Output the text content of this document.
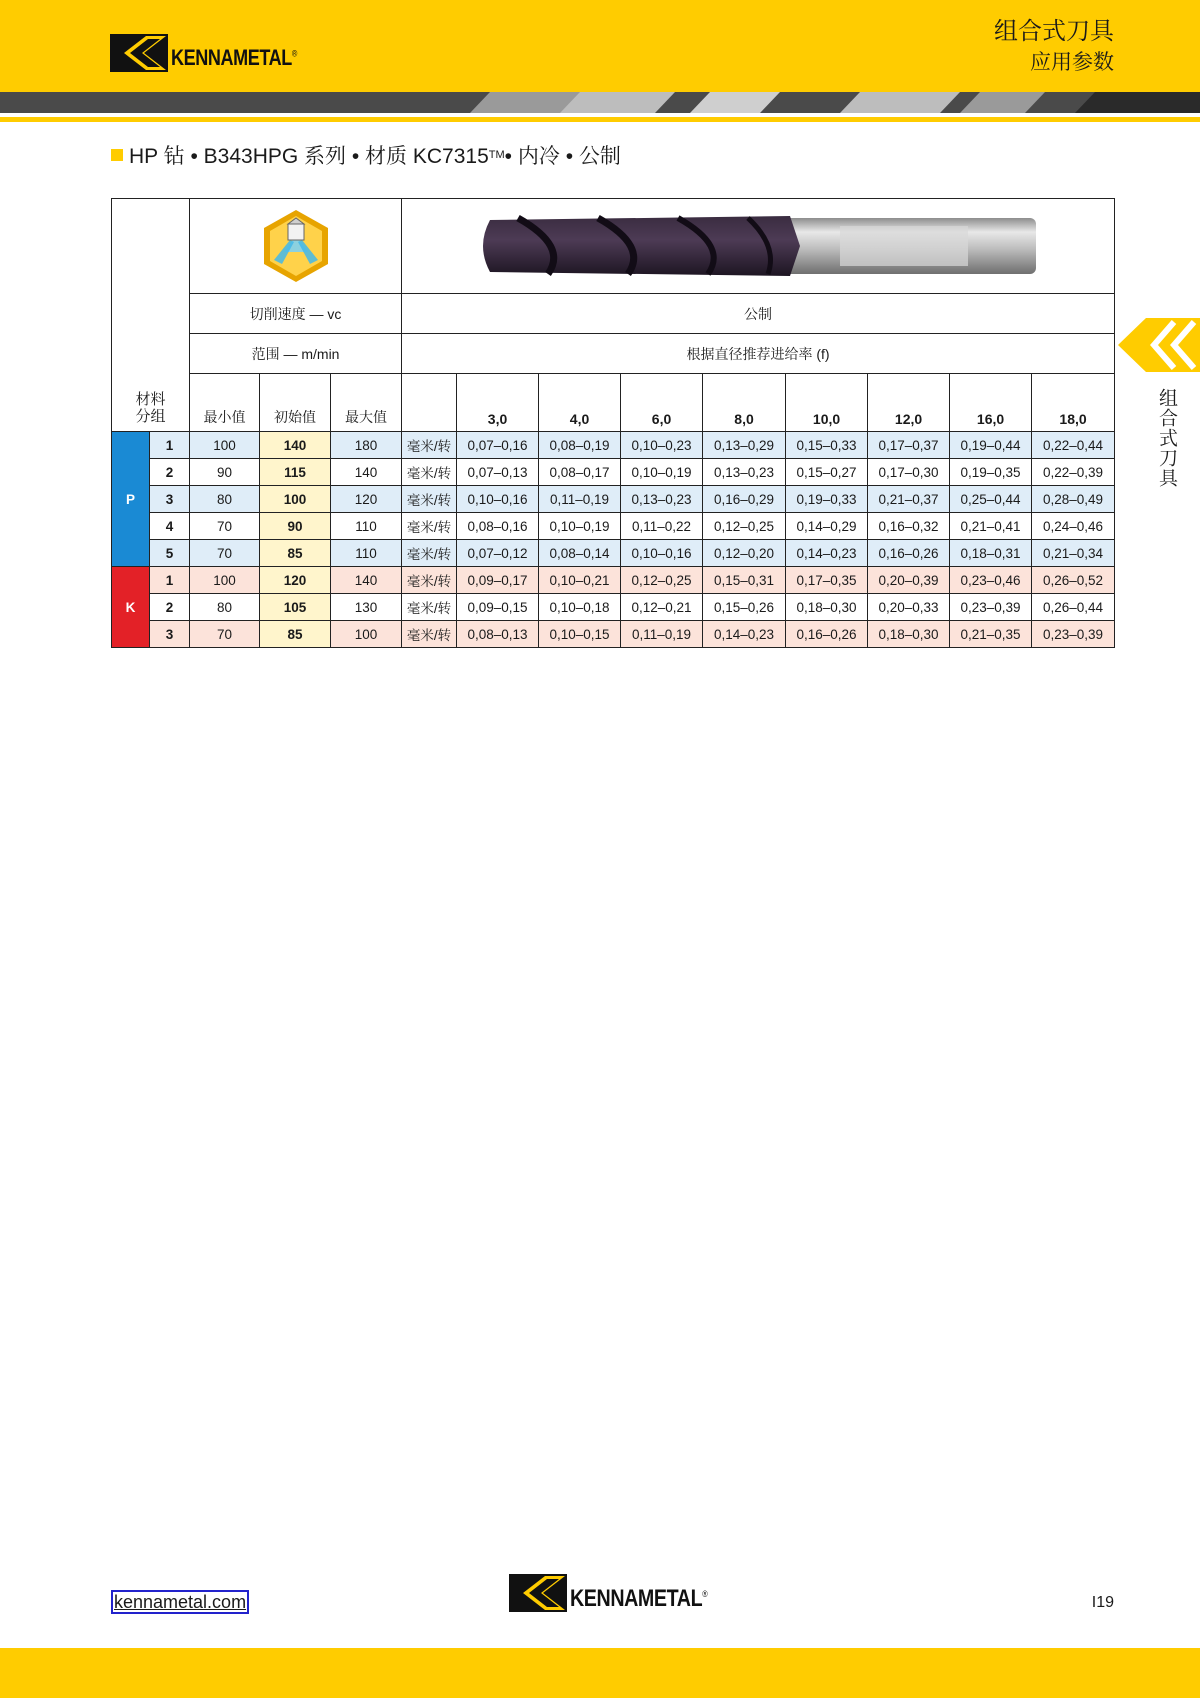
KENNAMETAL®
组合式刀具
应用参数
组合式刀具
HP 钻 • B343HPG 系列 • 材质 KC7315 TM • 内冷 • 公制
材料
分组

		切削速度 — vc			公制								
		范围 — m/min			根据直径推荐进给率 (f)								
		最小值	初始值	最大值		3,0	4,0	6,0	8,0	10,0	12,0	16,0	18,0
P	1	100	140	180	毫米/转	0,07–0,16	0,08–0,19	0,10–0,23	0,13–0,29	0,15–0,33	0,17–0,37	0,19–0,44	0,22–0,44
	2	90	115	140	毫米/转	0,07–0,13	0,08–0,17	0,10–0,19	0,13–0,23	0,15–0,27	0,17–0,30	0,19–0,35	0,22–0,39
	3	80	100	120	毫米/转	0,10–0,16	0,11–0,19	0,13–0,23	0,16–0,29	0,19–0,33	0,21–0,37	0,25–0,44	0,28–0,49
	4	70	90	110	毫米/转	0,08–0,16	0,10–0,19	0,11–0,22	0,12–0,25	0,14–0,29	0,16–0,32	0,21–0,41	0,24–0,46
	5	70	85	110	毫米/转	0,07–0,12	0,08–0,14	0,10–0,16	0,12–0,20	0,14–0,23	0,16–0,26	0,18–0,31	0,21–0,34
K	1	100	120	140	毫米/转	0,09–0,17	0,10–0,21	0,12–0,25	0,15–0,31	0,17–0,35	0,20–0,39	0,23–0,46	0,26–0,52
	2	80	105	130	毫米/转	0,09–0,15	0,10–0,18	0,12–0,21	0,15–0,26	0,18–0,30	0,20–0,33	0,23–0,39	0,26–0,44
	3	70	85	100	毫米/转	0,08–0,13	0,10–0,15	0,11–0,19	0,14–0,23	0,16–0,26	0,18–0,30	0,21–0,35	0,23–0,39
kennametal.com	KENNAMETAL®	I19
